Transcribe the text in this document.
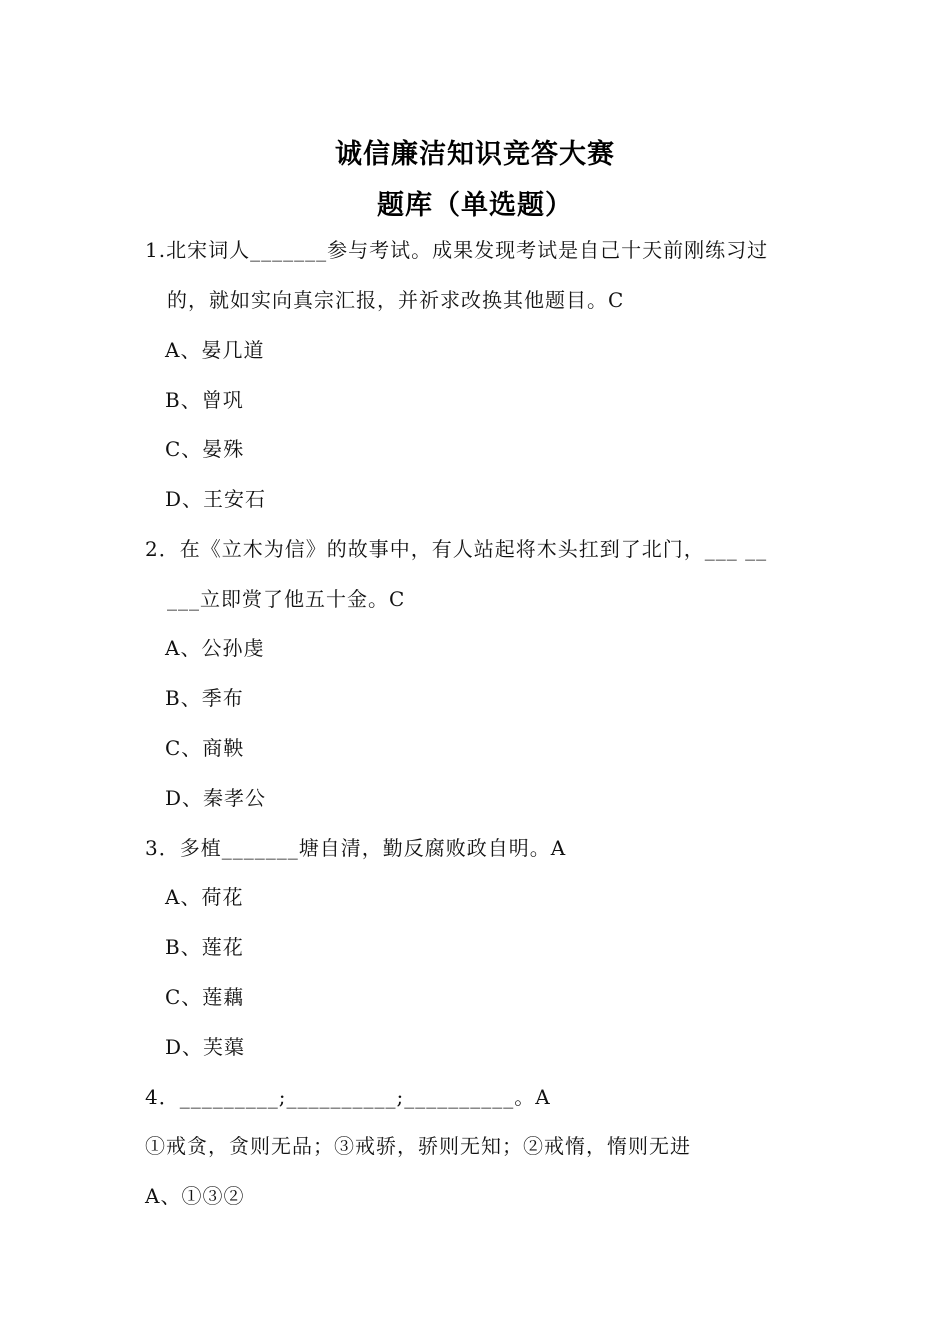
诚信廉洁知识竞答大赛
题库（单选题）
1.北宋词人_______参与考试。成果发现考试是自己十天前刚练习过
的，就如实向真宗汇报，并祈求改换其他题目。C
A、晏几道
B、曾巩
C、晏殊
D、王安石
2．在《立木为信》的故事中，有人站起将木头扛到了北门，___ __
___立即赏了他五十金。C
A、公孙虔
B、季布
C、商鞅
D、秦孝公
3．多植_______塘自清，勤反腐败政自明。A
A、荷花
B、莲花
C、莲藕
D、芙蕖
4．_________;__________;__________。A
①戒贪，贪则无品；③戒骄，骄则无知；②戒惰，惰则无进
A、①③②
